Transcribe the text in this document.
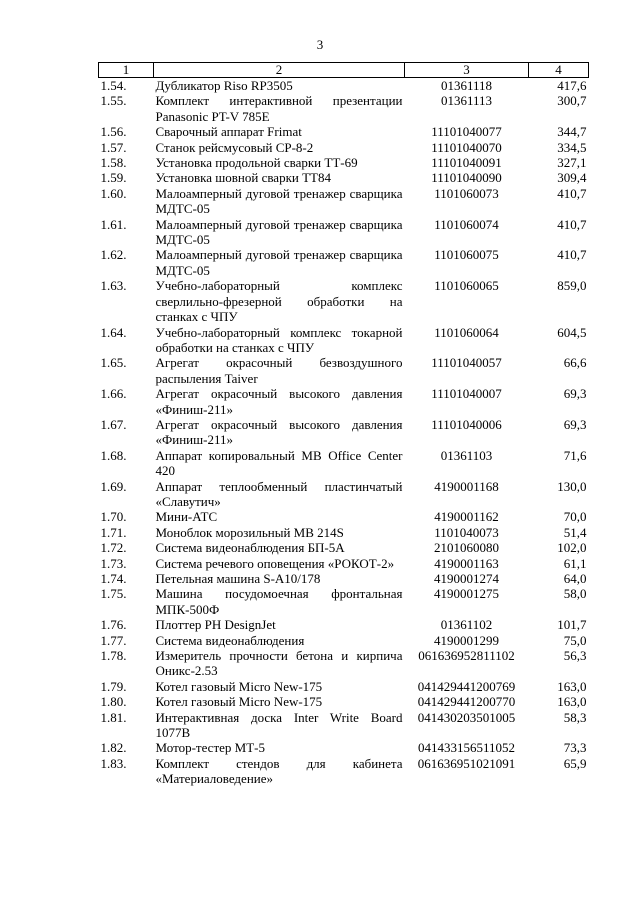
3
1	2	3	4
1.54.	Дубликатор Riso RP3505	01361118	417,6
1.55.	Комплект интерактивной презентации Panasonic PT-V 785E	01361113	300,7
1.56.	Сварочный аппарат Frimat	11101040077	344,7
1.57.	Станок рейсмусовый СР-8-2	11101040070	334,5
1.58.	Установка продольной сварки ТТ-69	11101040091	327,1
1.59.	Установка шовной сварки ТТ84	11101040090	309,4
1.60.	Малоамперный дуговой тренажер сварщика МДТС-05	1101060073	410,7
1.61.	Малоамперный дуговой тренажер сварщика МДТС-05	1101060074	410,7
1.62.	Малоамперный дуговой тренажер сварщика МДТС-05	1101060075	410,7
1.63.	Учебно-лабораторный комплекс сверлильно-фрезерной обработки на станках с ЧПУ	1101060065	859,0
1.64.	Учебно-лабораторный комплекс токарной обработки на станках с ЧПУ	1101060064	604,5
1.65.	Агрегат окрасочный безвоздушного распыления Taiver	11101040057	66,6
1.66.	Агрегат окрасочный высокого давления «Финиш-211»	11101040007	69,3
1.67.	Агрегат окрасочный высокого давления «Финиш-211»	11101040006	69,3
1.68.	Аппарат копировальный MB Office Center 420	01361103	71,6
1.69.	Аппарат теплообменный пластинчатый «Славутич»	4190001168	130,0
1.70.	Мини-АТС	4190001162	70,0
1.71.	Моноблок морозильный MB 214S	1101040073	51,4
1.72.	Система видеонаблюдения БП-5А	2101060080	102,0
1.73.	Система речевого оповещения «РОКОТ-2»	4190001163	61,1
1.74.	Петельная машина S-A10/178	4190001274	64,0
1.75.	Машина посудомоечная фронтальная МПК-500Ф	4190001275	58,0
1.76.	Плоттер PH DesignJet	01361102	101,7
1.77.	Система видеонаблюдения	4190001299	75,0
1.78.	Измеритель прочности бетона и кирпича Оникс-2.53	061636952811102	56,3
1.79.	Котел газовый Micro New-175	041429441200769	163,0
1.80.	Котел газовый Micro New-175	041429441200770	163,0
1.81.	Интерактивная доска Inter Write Board 1077B	041430203501005	58,3
1.82.	Мотор-тестер МТ-5	041433156511052	73,3
1.83.	Комплект стендов для кабинета «Материаловедение»	061636951021091	65,9
